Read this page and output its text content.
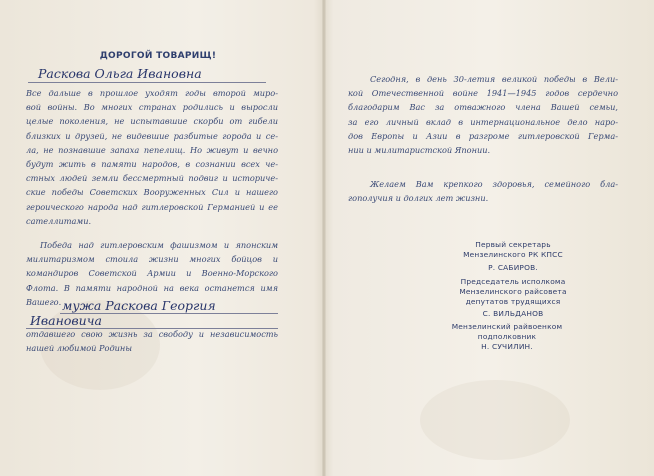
ДОРОГОЙ ТОВАРИЩ!
Раскова Ольга Ивановна
Все дальше в прошлое уходят годы второй миро-
вой войны. Во многих странах родились и выросли
целые поколения, не испытавшие скорби от гибели
близких и друзей, не видевшие разбитые города и се-
ла, не познавшие запаха пепелищ. Но живут и вечно
будут жить в памяти народов, в сознании всех че-
стных людей земли бессмертный подвиг и историче-
ские победы Советских Вооруженных Сил и нашего
героического народа над гитлеровской Германией и ее
сателлитами.
Победа над гитлеровским фашизмом и японским
милитаризмом стоила жизни многих бойцов и
командиров Советской Армии и Военно-Морского
Флота. В памяти народной на века останется имя
Вашего. мужа Раскова Георгия
Ивановича
отдавшего свою жизнь за свободу и независимость
нашей любимой Родины
Сегодня, в день 30-летия великой победы в Вели-
кой Отечественной войне 1941—1945 годов сердечно
благодарим Вас за отважного члена Вашей семьи,
за его личный вклад в интернациональное дело наро-
дов Европы и Азии в разгроме гитлеровской Герма-
нии и милитаристской Японии.
Желаем Вам крепкого здоровья, семейного бла-
гополучия и долгих лет жизни.
Первый секретарь
Мензелинского РК КПСС
Р. САБИРОВ.
Председатель исполкома
Мензелинского райсовета
депутатов трудящихся
С. ВИЛЬДАНОВ
Мензелинский райвоенком
подполковник
Н. СУЧИЛИН.
